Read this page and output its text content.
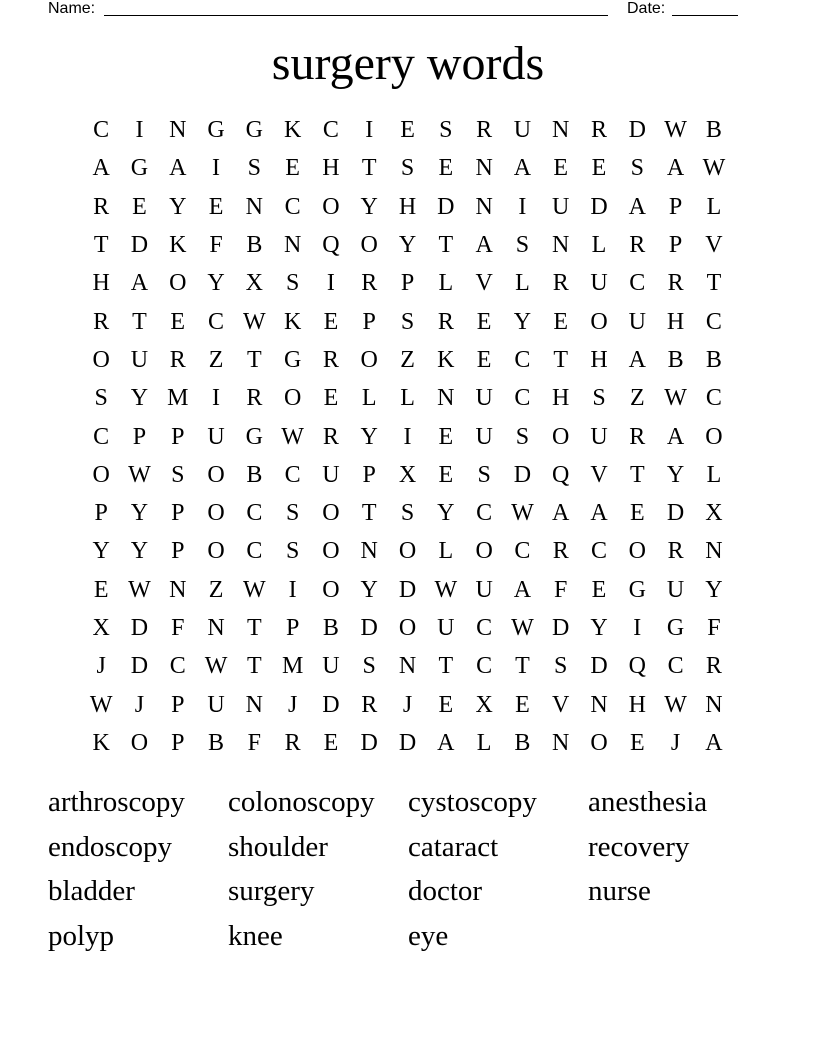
Name:	Date:
surgery words
C	I	N G G K C	I	E	S R U N R D W B
A G A	I	S	E H T	S	E N A E E	S A W
R E Y E N C O Y H D N	I	U D A P	L
T D K F B N Q O Y T A S N L R P V
H A O Y X S	I	R P	L V L R U C R T
R T E C W K E	P	S R E Y E O U H C
O U R Z T G R O Z K E C T H A B B
S Y M I	R O E L L N U C H S	Z W C
C P	P U G W R Y	I	E U S O U R A O
O W S O B C U P X E	S D Q V T Y L
P Y P O C S O T	S Y C W A A E D X
Y Y P O C S O N O L O C R C O R N
E W N Z W I	O Y D W U A F	E G U Y
X D F N T	P B D O U C W D Y	I	G F
J	D C W T M U S N T C T	S D Q C R
W J	P U N	J	D R	J	E X E V N H W N
K O P B F R E D D A L B N O E	J	A
arthroscopy	colonoscopy	cystoscopy	anesthesia
endoscopy	shoulder	cataract	recovery
bladder	surgery	doctor	nurse
polyp	knee	eye
